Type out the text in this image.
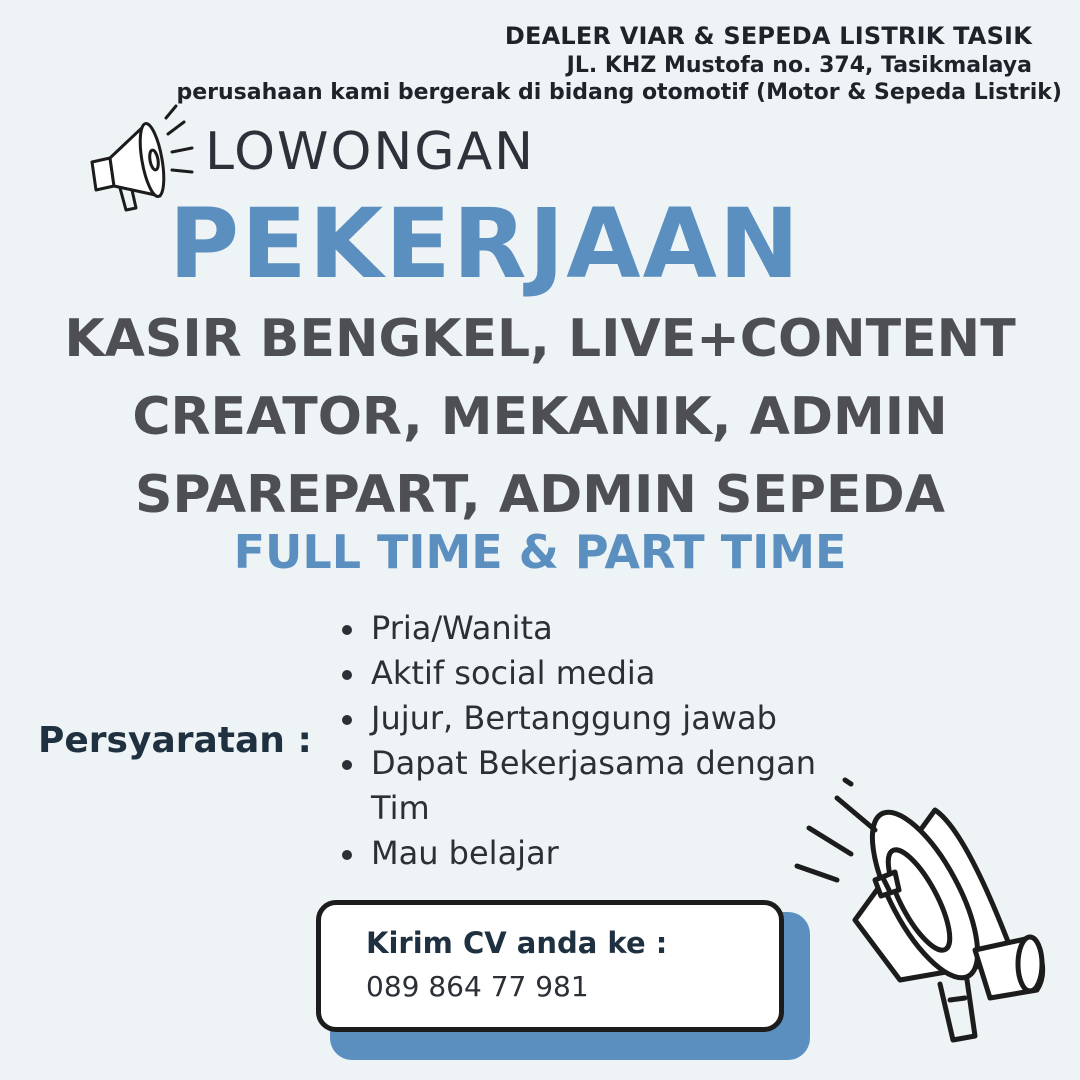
DEALER VIAR & SEPEDA LISTRIK TASIK
JL. KHZ Mustofa no. 374, Tasikmalaya
perusahaan kami bergerak di bidang otomotif (Motor & Sepeda Listrik)
LOWONGAN
PEKERJAAN
KASIR BENGKEL, LIVE+CONTENT
CREATOR, MEKANIK, ADMIN
SPAREPART, ADMIN SEPEDA
FULL TIME & PART TIME
Persyaratan :
Pria/Wanita
Aktif social media
Jujur, Bertanggung jawab
Dapat Bekerjasama dengan Tim
Mau belajar
Kirim CV anda ke :
089 864 77 981
